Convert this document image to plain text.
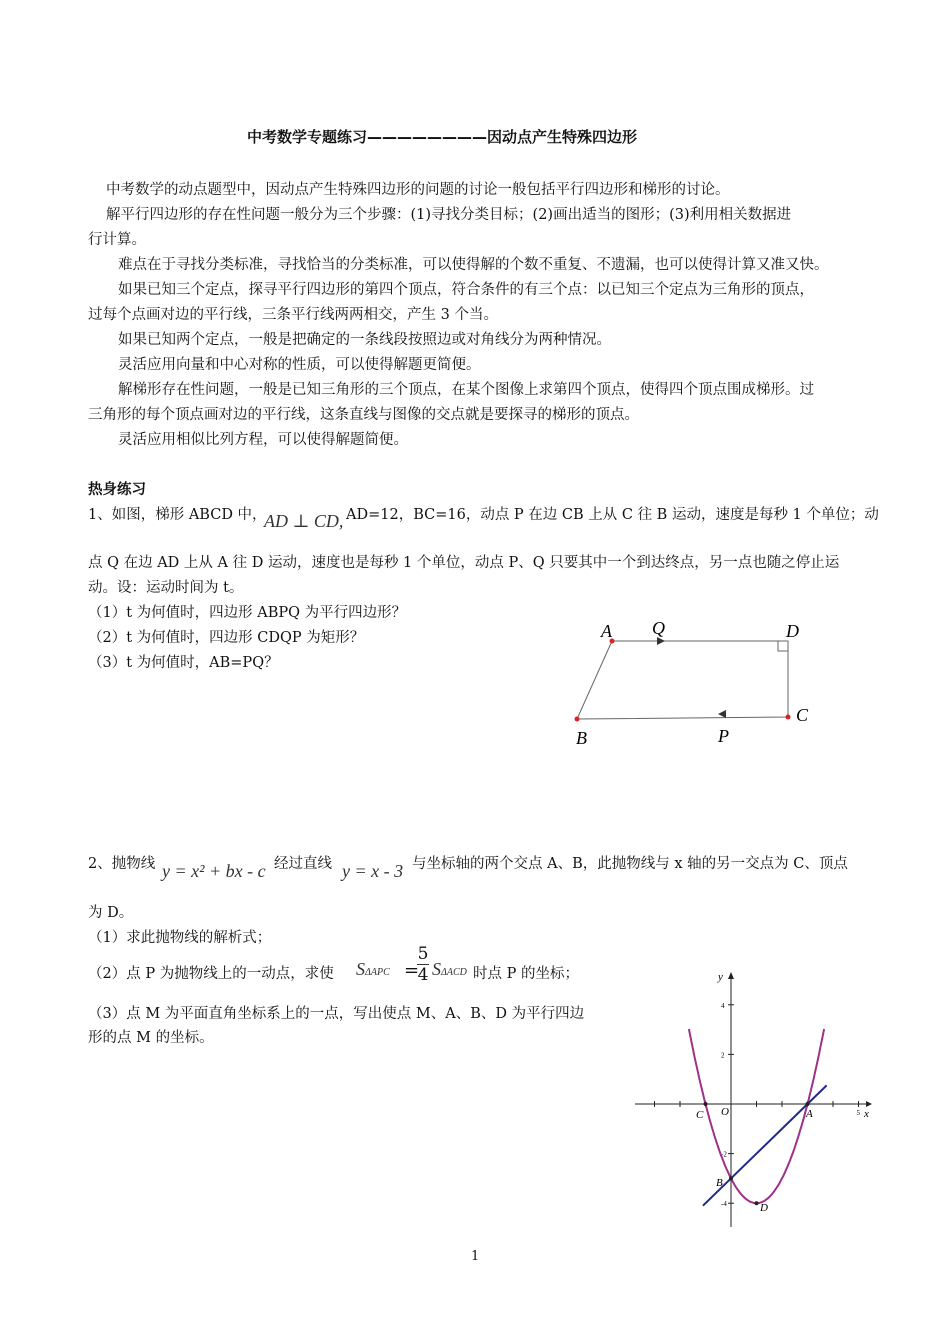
中考数学专题练习————————因动点产生特殊四边形
中考数学的动点题型中，因动点产生特殊四边形的问题的讨论一般包括平行四边形和梯形的讨论。
解平行四边形的存在性问题一般分为三个步骤：(1)寻找分类目标；(2)画出适当的图形；(3)利用相关数据进
行计算。
难点在于寻找分类标准，寻找恰当的分类标准，可以使得解的个数不重复、不遗漏，也可以使得计算又准又快。
如果已知三个定点，探寻平行四边形的第四个顶点，符合条件的有三个点：以已知三个定点为三角形的顶点，
过每个点画对边的平行线，三条平行线两两相交，产生 3 个当。
如果已知两个定点，一般是把确定的一条线段按照边或对角线分为两种情况。
灵活应用向量和中心对称的性质，可以使得解题更简便。
解梯形存在性问题，一般是已知三角形的三个顶点，在某个图像上求第四个顶点，使得四个顶点围成梯形。过
三角形的每个顶点画对边的平行线，这条直线与图像的交点就是要探寻的梯形的顶点。
灵活应用相似比列方程，可以使得解题简便。
热身练习
1、如图，梯形 ABCD 中，
AD ⊥ CD, AD=12，BC=16，动点 P 在边 CB 上从 C 往 B 运动，速度是每秒 1 个单位；动
点 Q 在边 AD 上从 A 往 D 运动，速度也是每秒 1 个单位，动点 P、Q 只要其中一个到达终点，另一点也随之停止运
动。设：运动时间为 t。
（1）t 为何值时，四边形 ABPQ 为平行四边形？
（2）t 为何值时，四边形 CDQP 为矩形？
（3）t 为何值时，AB=PQ？
A Q	D
C
B	P
2、抛物线 y = x² + bx - c 经过直线 y = x - 3 与坐标轴的两个交点 A、B，此抛物线与 x 轴的另一交点为 C、顶点
为 D。
（1）求此抛物线的解析式；
（2）点 P 为抛物线上的一动点，求使 SΔAPC =
5
4 SΔACD 时点 P 的坐标；
（3）点 M 为平面直角坐标系上的一点，写出使点 M、A、B、D 为平行四边
形的点 M 的坐标。
4
2
-2
-4
5
y
x
O	A
C
B
D
1
